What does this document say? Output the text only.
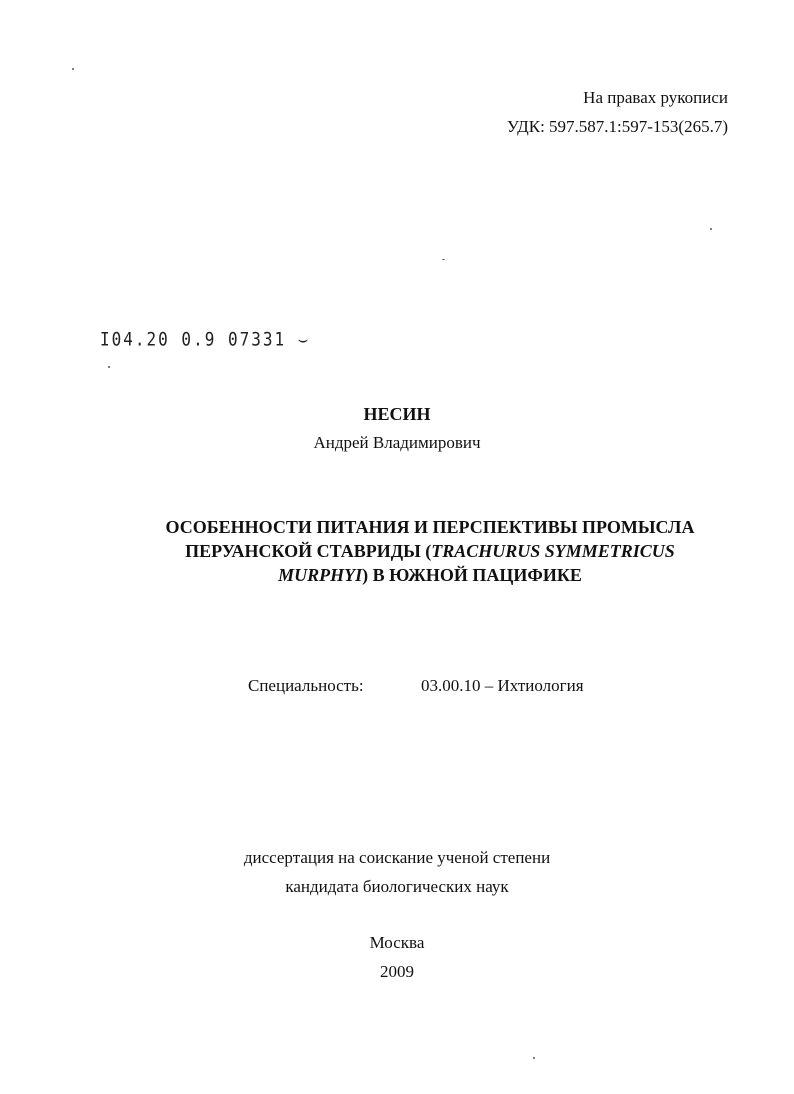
На правах рукописи
УДК: 597.587.1:597-153(265.7)
I04.20 0.9 07331 ⌣
НЕСИН
Андрей Владимирович
ОСОБЕННОСТИ ПИТАНИЯ И ПЕРСПЕКТИВЫ ПРОМЫСЛА
ПЕРУАНСКОЙ СТАВРИДЫ (TRACHURUS SYMMETRICUS
MURPHYI) В ЮЖНОЙ ПАЦИФИКЕ
Специальность:	03.00.10 – Ихтиология
диссертация на соискание ученой степени
кандидата биологических наук
Москва
2009
